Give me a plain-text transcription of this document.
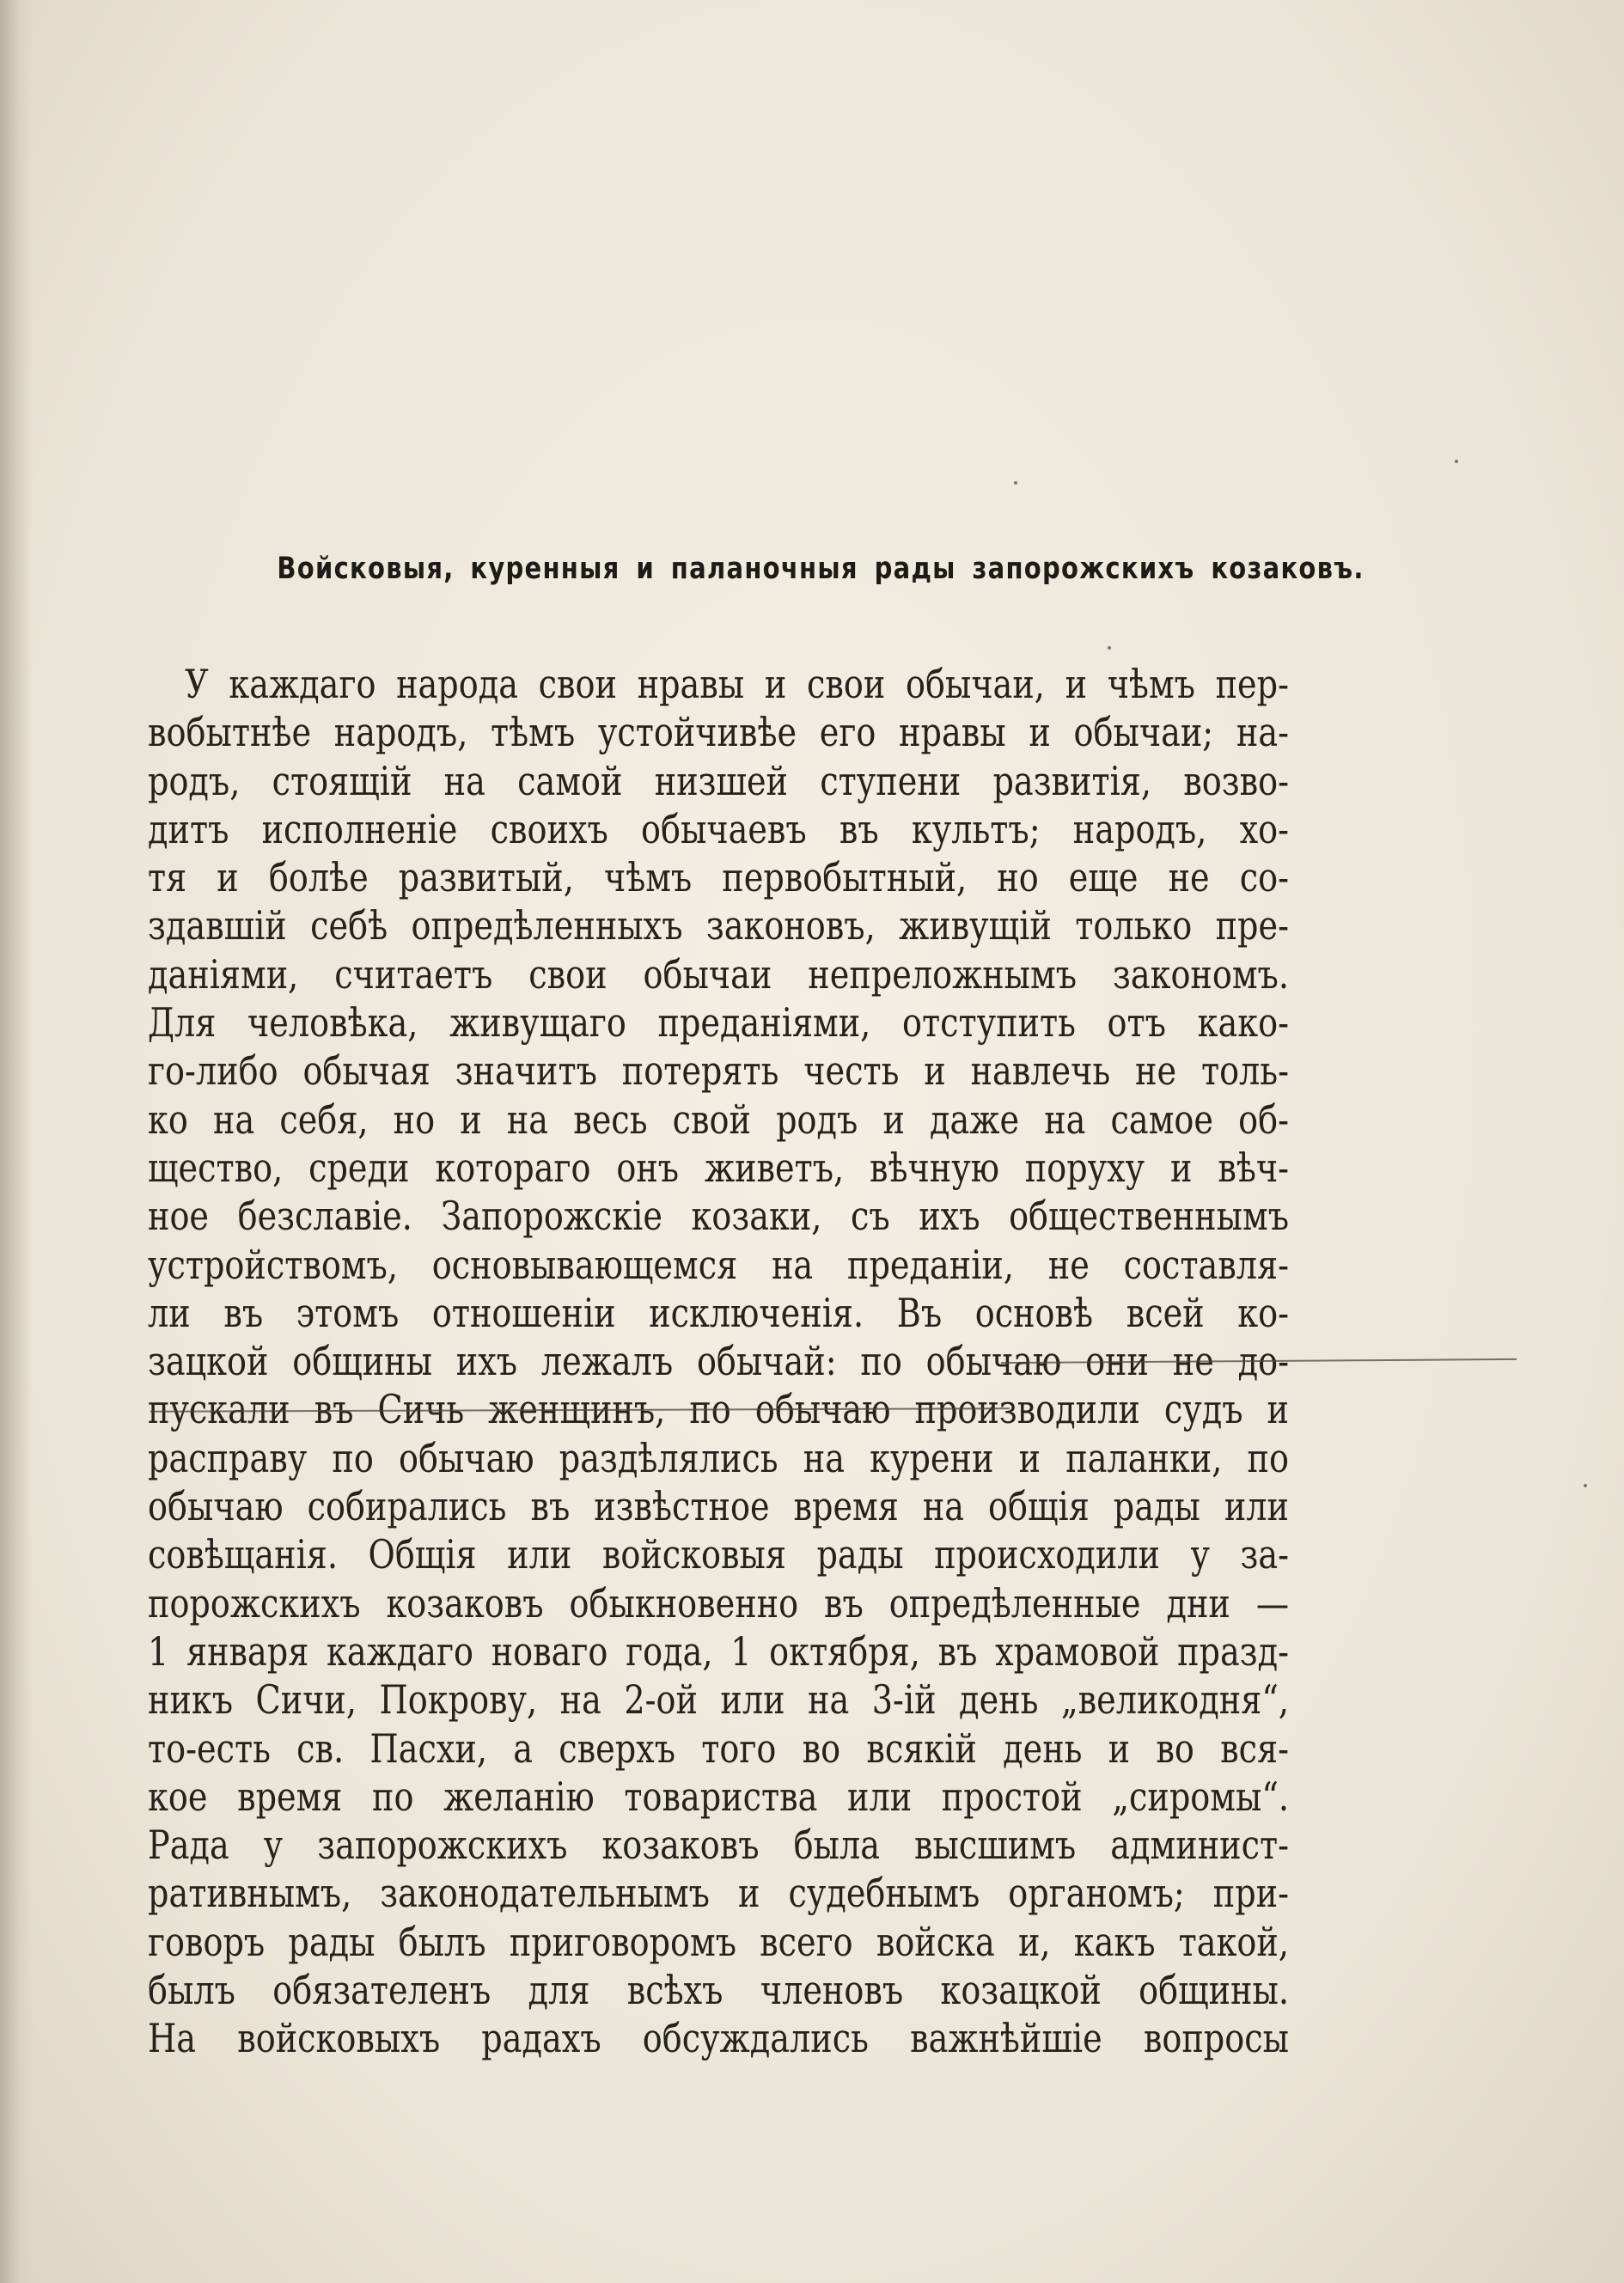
Войсковыя, куренныя и паланочныя рады запорожскихъ козаковъ.
У каждаго народа свои нравы и свои обычаи, и чѣмъ пер-
вобытнѣе народъ, тѣмъ устойчивѣе его нравы и обычаи; на-
родъ, стоящій на самой низшей ступени развитія, возво-
дитъ исполненіе своихъ обычаевъ въ культъ; народъ, хо-
тя и болѣе развитый, чѣмъ первобытный, но еще не со-
здавшій себѣ опредѣленныхъ законовъ, живущій только пре-
даніями, считаетъ свои обычаи непреложнымъ закономъ.
Для человѣка, живущаго преданіями, отступить отъ како-
го-либо обычая значитъ потерять честь и навлечь не толь-
ко на себя, но и на весь свой родъ и даже на самое об-
щество, среди котораго онъ живетъ, вѣчную поруху и вѣч-
ное безславіе. Запорожскіе козаки, съ ихъ общественнымъ
устройствомъ, основывающемся на преданіи, не составля-
ли въ этомъ отношеніи исключенія. Въ основѣ всей ко-
зацкой общины ихъ лежалъ обычай: по обычаю они не до-
пускали въ Сичь женщинъ, по обычаю производили судъ и
расправу по обычаю раздѣлялись на курени и паланки, по
обычаю собирались въ извѣстное время на общія рады или
совѣщанія. Общія или войсковыя рады происходили у за-
порожскихъ козаковъ обыкновенно въ опредѣленные дни —
1 января каждаго новаго года, 1 октября, въ храмовой празд-
никъ Сичи, Покрову, на 2-ой или на 3-ій день „великодня“,
то-есть св. Пасхи, а сверхъ того во всякій день и во вся-
кое время по желанію товариства или простой „сиромы“.
Рада у запорожскихъ козаковъ была высшимъ админист-
ративнымъ, законодательнымъ и судебнымъ органомъ; при-
говоръ рады былъ приговоромъ всего войска и, какъ такой,
былъ обязателенъ для всѣхъ членовъ козацкой общины.
На войсковыхъ радахъ обсуждались важнѣйшіе вопросы
